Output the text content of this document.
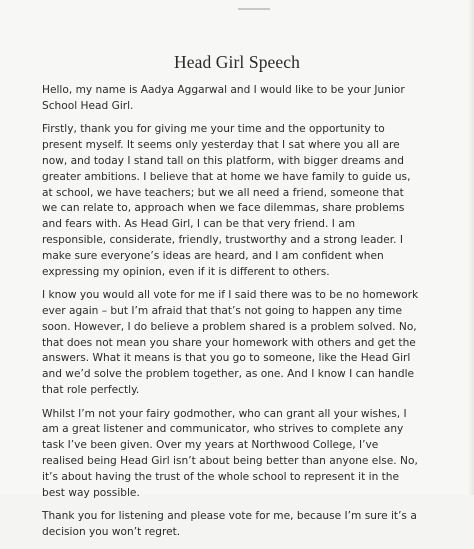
Head Girl Speech

Hello, my name is Aadya Aggarwal and I would like to be your Junior
School Head Girl.

Firstly, thank you for giving me your time and the opportunity to
present myself. It seems only yesterday that I sat where you all are
now, and today I stand tall on this platform, with bigger dreams and
greater ambitions. I believe that at home we have family to guide us,
at school, we have teachers; but we all need a friend, someone that
we can relate to, approach when we face dilemmas, share problems
and fears with. As Head Girl, I can be that very friend. I am
responsible, considerate, friendly, trustworthy and a strong leader. I
make sure everyone’s ideas are heard, and I am confident when
expressing my opinion, even if it is different to others.

I know you would all vote for me if I said there was to be no homework
ever again – but I’m afraid that that’s not going to happen any time
soon. However, I do believe a problem shared is a problem solved. No,
that does not mean you share your homework with others and get the
answers. What it means is that you go to someone, like the Head Girl
and we’d solve the problem together, as one. And I know I can handle
that role perfectly.

Whilst I’m not your fairy godmother, who can grant all your wishes, I
am a great listener and communicator, who strives to complete any
task I’ve been given. Over my years at Northwood College, I’ve
realised being Head Girl isn’t about being better than anyone else. No,
it’s about having the trust of the whole school to represent it in the
best way possible.

Thank you for listening and please vote for me, because I’m sure it’s a
decision you won’t regret.
